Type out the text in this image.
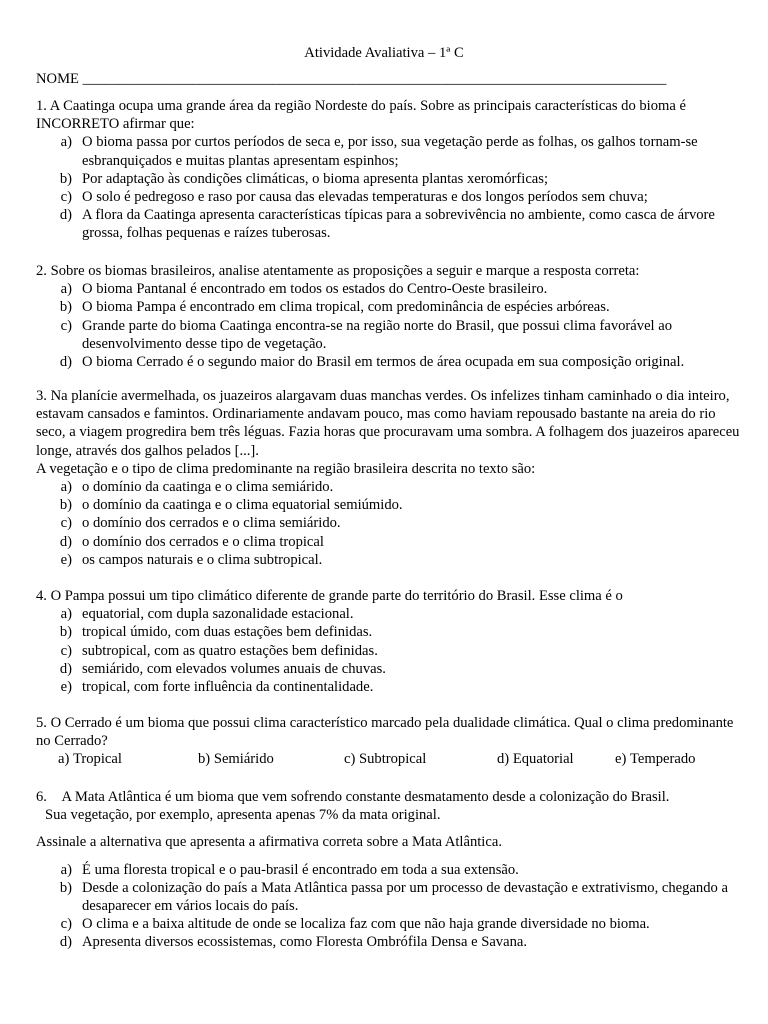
Atividade Avaliativa – 1ª C
NOME ________________________________________________________________________________

1. A Caatinga ocupa uma grande área da região Nordeste do país. Sobre as principais características do bioma é INCORRETO afirmar que:

a) O bioma passa por curtos períodos de seca e, por isso, sua vegetação perde as folhas, os galhos tornam-se esbranquiçados e muitas plantas apresentam espinhos;
b) Por adaptação às condições climáticas, o bioma apresenta plantas xeromórficas;
c) O solo é pedregoso e raso por causa das elevadas temperaturas e dos longos períodos sem chuva;
d) A flora da Caatinga apresenta características típicas para a sobrevivência no ambiente, como casca de árvore grossa, folhas pequenas e raízes tuberosas.

2. Sobre os biomas brasileiros, analise atentamente as proposições a seguir e marque a resposta correta:

a) O bioma Pantanal é encontrado em todos os estados do Centro-Oeste brasileiro.
b) O bioma Pampa é encontrado em clima tropical, com predominância de espécies arbóreas.
c) Grande parte do bioma Caatinga encontra-se na região norte do Brasil, que possui clima favorável ao desenvolvimento desse tipo de vegetação.
d) O bioma Cerrado é o segundo maior do Brasil em termos de área ocupada em sua composição original.

3. Na planície avermelhada, os juazeiros alargavam duas manchas verdes. Os infelizes tinham caminhado o dia inteiro, estavam cansados e famintos. Ordinariamente andavam pouco, mas como haviam repousado bastante na areia do rio seco, a viagem progredira bem três léguas. Fazia horas que procuravam uma sombra. A folhagem dos juazeiros apareceu longe, através dos galhos pelados [...].

A vegetação e o tipo de clima predominante na região brasileira descrita no texto são:

a) o domínio da caatinga e o clima semiárido.
b) o domínio da caatinga e o clima equatorial semiúmido.
c) o domínio dos cerrados e o clima semiárido.
d) o domínio dos cerrados e o clima tropical
e) os campos naturais e o clima subtropical.

4. O Pampa possui um tipo climático diferente de grande parte do território do Brasil. Esse clima é o

a) equatorial, com dupla sazonalidade estacional.
b) tropical úmido, com duas estações bem definidas.
c) subtropical, com as quatro estações bem definidas.
d) semiárido, com elevados volumes anuais de chuvas.
e) tropical, com forte influência da continentalidade.

5. O Cerrado é um bioma que possui clima característico marcado pela dualidade climática. Qual o clima predominante no Cerrado?

a) Tropical	b) Semiárido	c) Subtropical	d) Equatorial	e) Temperado

6. A Mata Atlântica é um bioma que vem sofrendo constante desmatamento desde a colonização do Brasil.

Sua vegetação, por exemplo, apresenta apenas 7% da mata original.

Assinale a alternativa que apresenta a afirmativa correta sobre a Mata Atlântica.

a) É uma floresta tropical e o pau-brasil é encontrado em toda a sua extensão.
b) Desde a colonização do país a Mata Atlântica passa por um processo de devastação e extrativismo, chegando a desaparecer em vários locais do país.
c) O clima e a baixa altitude de onde se localiza faz com que não haja grande diversidade no bioma.
d) Apresenta diversos ecossistemas, como Floresta Ombrófila Densa e Savana.
